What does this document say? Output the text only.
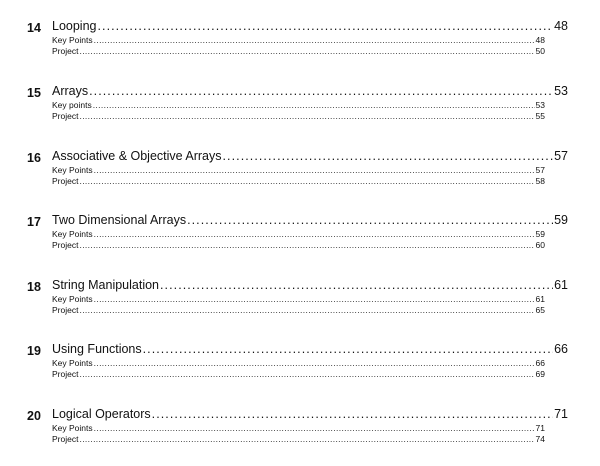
14 Looping . . .	48
Key Points . . .	48
Project . . .	50
15 Arrays . . .	53
Key points . . .	53
Project . . .	55
16 Associative & Objective Arrays . . .	57
Key Points . . .	57
Project . . .	58
17 Two Dimensional Arrays . . .	59
Key Points . . .	59
Project . . .	60
18 String Manipulation . . .	61
Key Points . . .	61
Project . . .	65
19 Using Functions . . .	66
Key Points . . .	66
Project . . .	69
20 Logical Operators . . .	71
Key Points . . .	71
Project . . .	74
